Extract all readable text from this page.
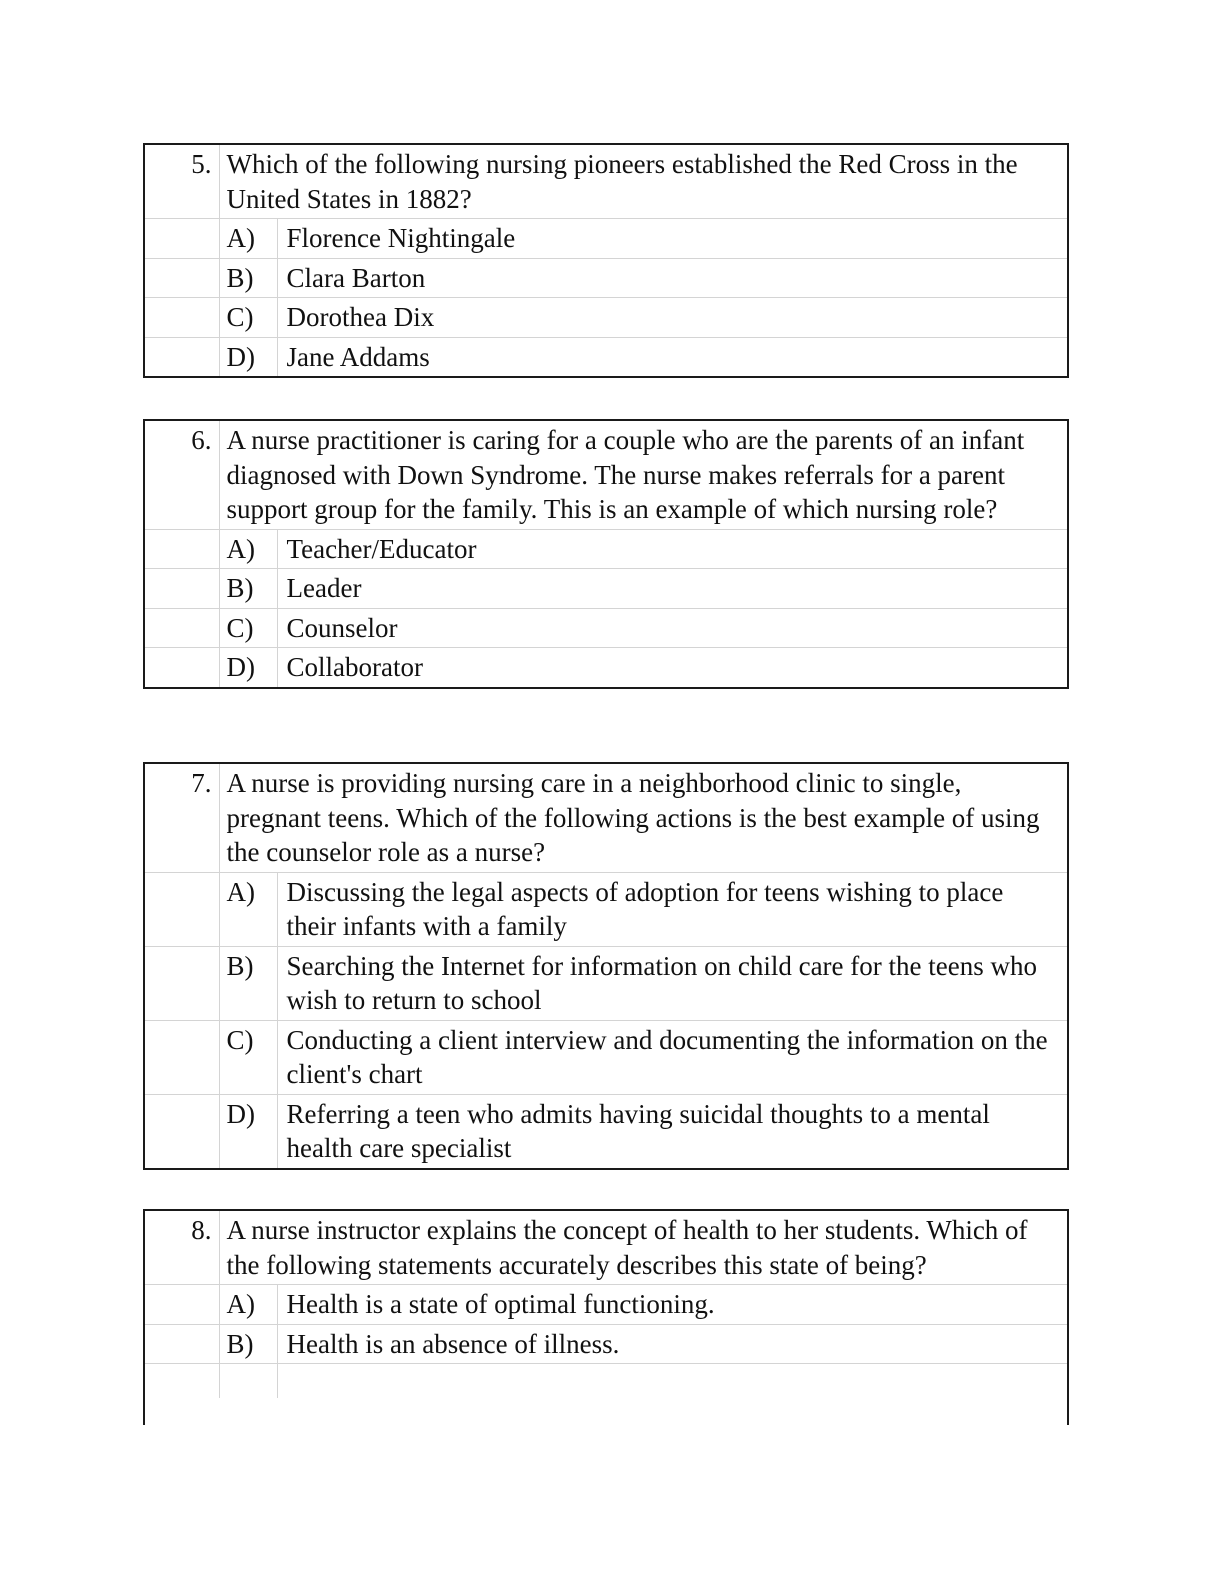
5.	Which of the following nursing pioneers established the Red Cross in the United States in 1882?	
	A)	Florence Nightingale
	B)	Clara Barton
	C)	Dorothea Dix
	D)	Jane Addams
6.	A nurse practitioner is caring for a couple who are the parents of an infant diagnosed with Down Syndrome. The nurse makes referrals for a parent support group for the family. This is an example of which nursing role?	
	A)	Teacher/Educator
	B)	Leader
	C)	Counselor
	D)	Collaborator
7.	A nurse is providing nursing care in a neighborhood clinic to single, pregnant teens. Which of the following actions is the best example of using the counselor role as a nurse?	
	A)	Discussing the legal aspects of adoption for teens wishing to place their infants with a family
	B)	Searching the Internet for information on child care for the teens who wish to return to school
	C)	Conducting a client interview and documenting the information on the client's chart
	D)	Referring a teen who admits having suicidal thoughts to a mental health care specialist
8.	A nurse instructor explains the concept of health to her students. Which of the following statements accurately describes this state of being?	
	A)	Health is a state of optimal functioning.
	B)	Health is an absence of illness.
